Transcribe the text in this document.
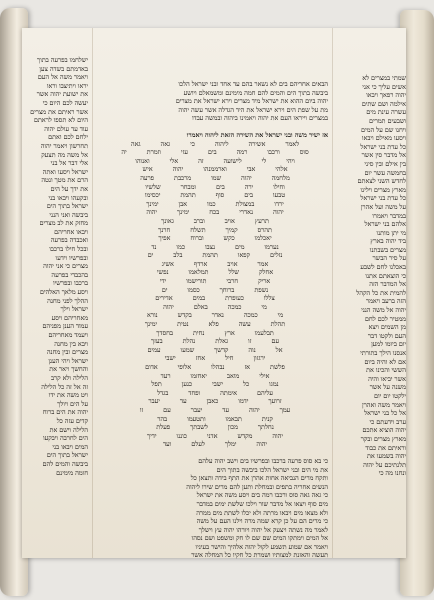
ישלחמו בפרעה בתוך
באדמתם בשדה צען
ויאמר משה אל העם
יראו ויתיצבו וראו
את ישועת יהוה אשר
יעשה לכם היום כי
אשר ראיתם את מצרים
היום לא תספו לראתם
עוד עד עולם יהוה
ילחם לכם ואתם
תחרשון ויאמר יהוה
אל משה מה תצעק
אלי דבר אל בני
ישראל ויסעו ואתה
הרם את מטך ונטה
את ידך על הים
ובקעהו ויבאו בני
ישראל בתוך הים
ביבשה ואני הנני
מחזק את לב מצרים
ויבאו אחריהם
ואכבדה בפרעה
ובכל חילו ברכבו
ובפרשיו וידעו
מצרים כי אני יהוה
בהכבדי בפרעה
ברכבו ובפרשיו
ויסע מלאך האלהים
ההלך לפני מחנה
ישראל וילך
מאחריהם ויסע
עמוד הענן מפניהם
ויעמד מאחריהם
ויבא בין מחנה
מצרים ובין מחנה
ישראל ויהי הענן
והחשך ויאר את
הלילה ולא קרב
זה אל זה כל הלילה
ויט משה את ידו
על הים ויולך
יהוה את הים ברוח
קדים עזה כל
הלילה וישם את
הים לחרבה ויבקעו
המים ויבאו בני
ישראל בתוך הים
ביבשה והמים להם
חומה מימינם
הבאים אחריהם בים לא נשאר בהם עד אחד ובני ישראל הלכו
ביבשה בתוך הים והמים להם חמה מימינם ומשמאלם ויושע
יהוה ביום ההוא את ישראל מיד מצרים וירא ישראל את מצרים
מת על שפת הים וירא ישראל את היד הגדלה אשר עשה יהוה
במצרים וייראו העם את יהוה ויאמינו ביהוה ובמשה עבדו
אז ישיר משה ובני ישראל את השירה הזאת ליהוה ויאמרו
לאמר אשירה ליהוה כי גאה גאה
סוס ורכבו רמה בים עזי וזמרת יה
ויהי לי לישועה זה אלי ואנוהו
אלהי אבי וארממנהו יהוה איש
מלחמה יהוה שמו מרכבת פרעה
וחילו ירה בים ומבחר שלשיו
טבעו בים סוף תהמת יכסימו
ירדו במצולת כמו אבן ימינך
יהוה נאדרי בכח ימינך יהוה
תרעץ אויב וברב גאונך
תהרס קמיך תשלח חרנך
יאכלמו כקש וברוח אפיך
נערמו מים נצבו כמו נד
נזלים קפאו תהמת בלב ים
אמר אויב ארדף אשיג
אחלק שלל תמלאמו נפשי
אריק חרבי תורישמו ידי
נשפת ברוחך כסמו ים
צללו כעופרת במים אדירים
מי כמכה באלם יהוה
מי כמכה נאדר בקדש נורא
תהלת עשה פלא נטית ימינך
תבלעמו ארץ נחית בחסדך
עם זו גאלת נהלת בעזך
אל נוה קדשך שמעו עמים
ירגזון חיל אחז ישבי
פלשת אז נבהלו אלופי אדום
אילי מואב יאחזמו רעד
נמגו כל ישבי כנען תפל
עליהם אימתה ופחד בגדל
זרועך ידמו כאבן עד יעבר
עמך יהוה עד יעבר עם זו
קנית תבאמו ותטעמו בהר
נחלתך מכון לשבתך פעלת
יהוה מקדש אדני כוננו ידיך
יהוה ימלך לעלם ועד
כי בא סוס פרעה ברכבו ובפרשיו בים וישב יהוה עלהם
את מי הים ובני ישראל הלכו ביבשה בתוך הים
ותקח מרים הנביאה אחות אהרן את התף בידה ותצאן כל
הנשים אחריה בתפים ובמחלת ותען להם מרים שירו ליהוה
כי גאה גאה סוס ורכבו רמה בים ויסע משה את ישראל
מים סוף ויצאו אל מדבר שור וילכו שלשת ימים במדבר
ולא מצאו מים ויבאו מרתה ולא יכלו לשתת מים ממרה
כי מרים הם על כן קרא שמה מרה וילנו העם על משה
לאמר מה נשתה ויצעק אל יהוה ויורהו יהוה עץ וישלך
אל המים וימתקו המים שם שם לו חק ומשפט ושם נסהו
ויאמר אם שמוע תשמע לקול יהוה אלהיך והישר בעיניו
תעשה והאזנת למצותיו ושמרת כל חקיו כל המחלה אשר
שמתי במצרים לא
אשים עליך כי אני
יהוה רפאך ויבאו
אילמה ושם שתים
עשרה עינת מים
ושבעים תמרים
ויחנו שם על המים
ויסעו מאילם ויבאו
כל עדת בני ישראל
אל מדבר סין אשר
בין אילם ובין סיני
בחמשה עשר יום
לחדש השני לצאתם
מארץ מצרים וילינו
כל עדת בני ישראל
על משה ועל אהרן
במדבר ויאמרו
אלהם בני ישראל
מי יתן מותנו
ביד יהוה בארץ
מצרים בשבתנו
על סיר הבשר
באכלנו לחם לשבע
כי הוצאתם אתנו
אל המדבר הזה
להמית את כל הקהל
הזה ברעב ויאמר
יהוה אל משה הנני
ממטיר לכם לחם
מן השמים ויצא
העם ולקטו דבר
יום ביומו למען
אנסנו הילך בתורתי
אם לא והיה ביום
הששי והכינו את
אשר יביאו והיה
משנה על אשר
ילקטו יום יום
ויאמר משה ואהרן
אל כל בני ישראל
ערב וידעתם כי
יהוה הוציא אתכם
מארץ מצרים ובקר
וראיתם את כבוד
יהוה בשמעו את
תלנתיכם על יהוה
ונחנו מה כי
